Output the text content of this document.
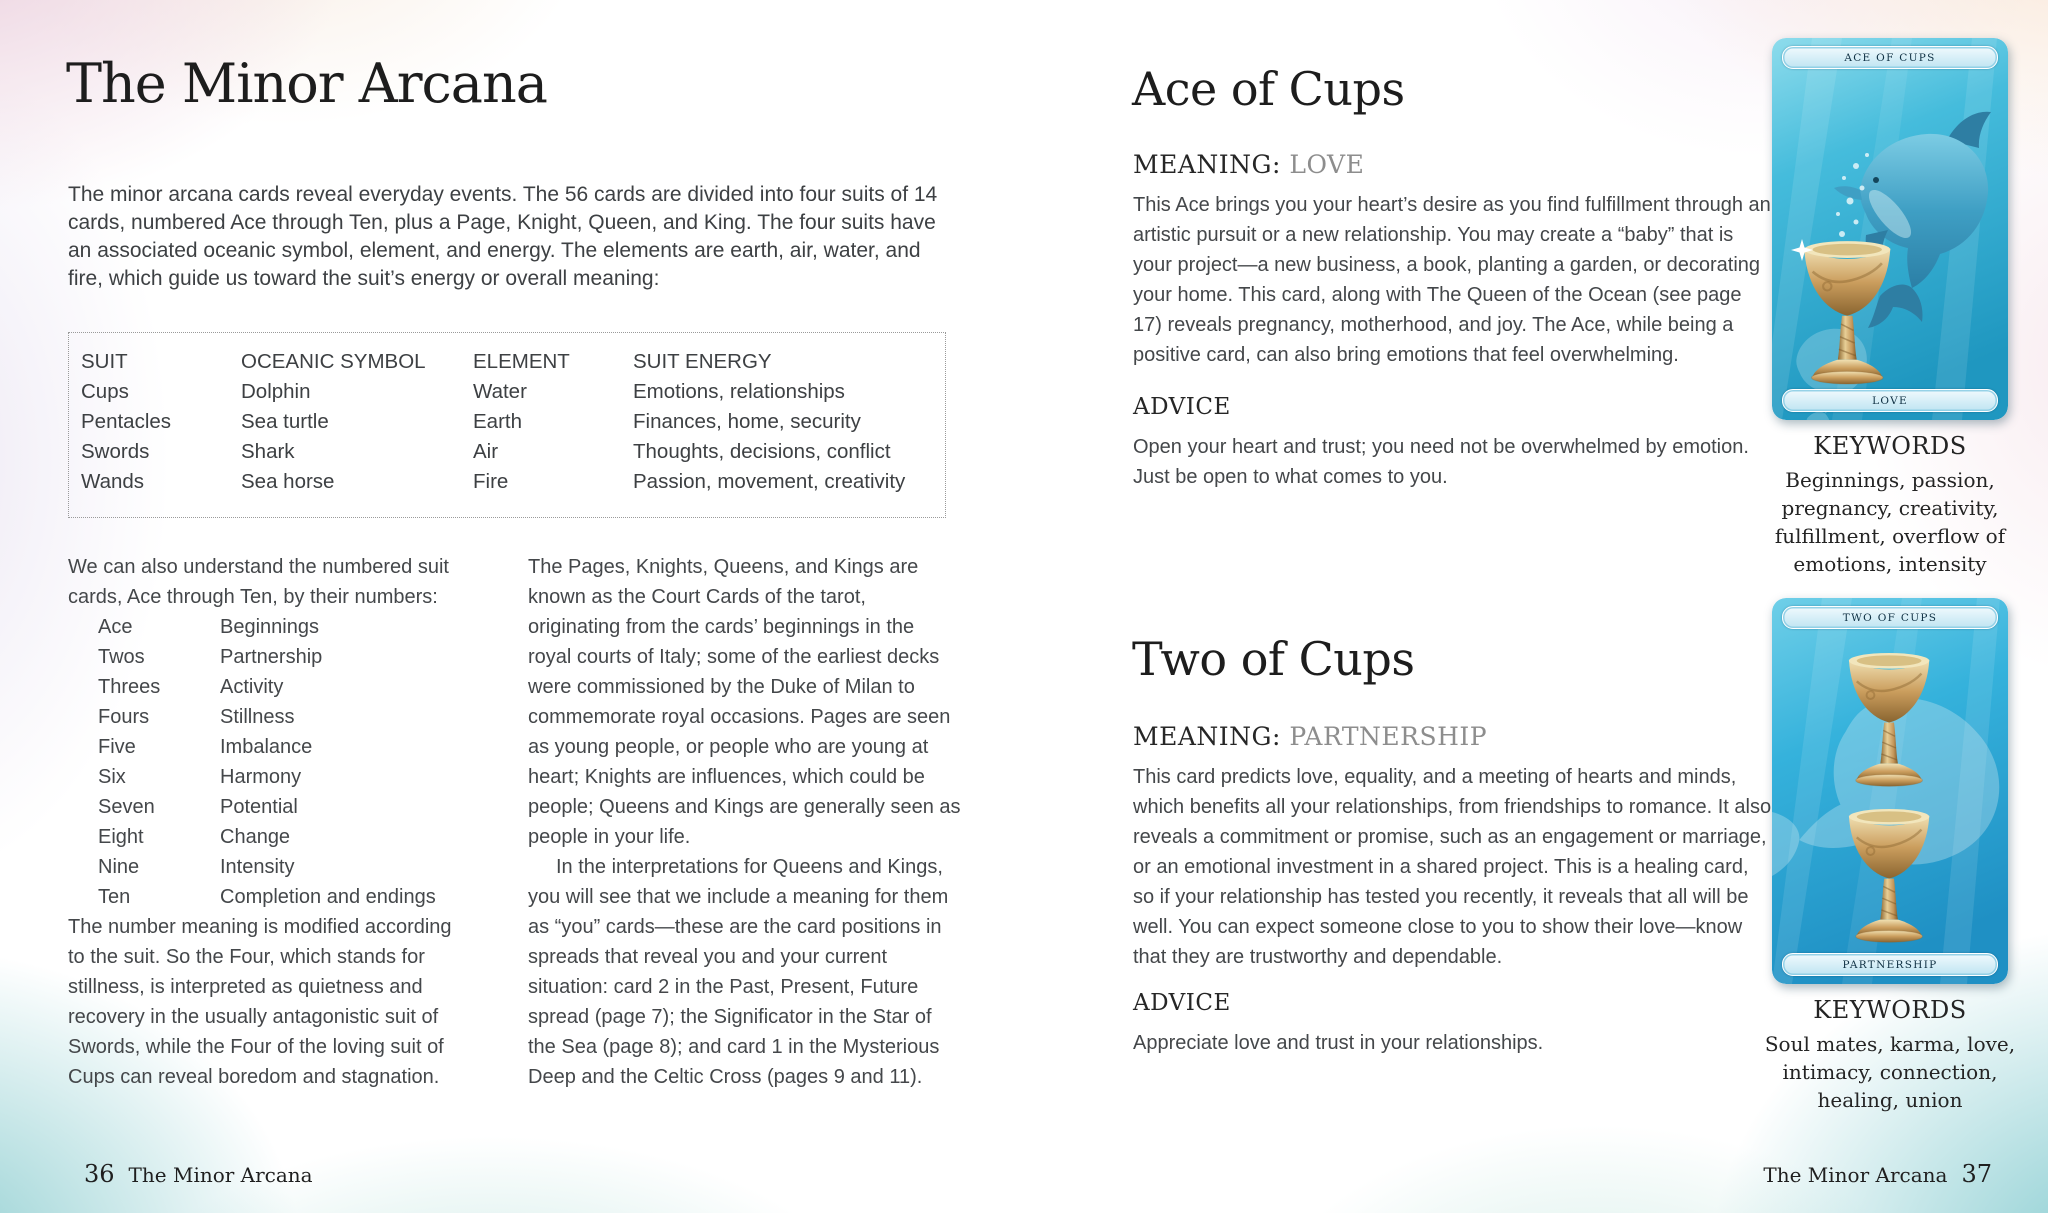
The Minor Arcana

The minor arcana cards reveal everyday events. The 56 cards are divided into four suits of 14 cards, numbered Ace through Ten, plus a Page, Knight, Queen, and King. The four suits have an associated oceanic symbol, element, and energy. The elements are earth, air, water, and fire, which guide us toward the suit’s energy or overall meaning:

SUIT	OCEANIC SYMBOL	ELEMENT	SUIT ENERGY
Cups	Dolphin	Water	Emotions, relationships
Pentacles	Sea turtle	Earth	Finances, home, security
Swords	Shark	Air	Thoughts, decisions, conflict
Wands	Sea horse	Fire	Passion, movement, creativity

We can also understand the numbered suit cards, Ace through Ten, by their numbers:

Ace	Beginnings
Twos	Partnership
Threes	Activity
Fours	Stillness
Five	Imbalance
Six	Harmony
Seven	Potential
Eight	Change
Nine	Intensity
Ten	Completion and endings

The number meaning is modified according to the suit. So the Four, which stands for stillness, is interpreted as quietness and recovery in the usually antagonistic suit of Swords, while the Four of the loving suit of Cups can reveal boredom and stagnation.

The Pages, Knights, Queens, and Kings are known as the Court Cards of the tarot, originating from the cards’ beginnings in the royal courts of Italy; some of the earliest decks were commissioned by the Duke of Milan to commemorate royal occasions. Pages are seen as young people, or people who are young at heart; Knights are influences, which could be people; Queens and Kings are generally seen as people in your life.

In the interpretations for Queens and Kings, you will see that we include a meaning for them as “you” cards—these are the card positions in spreads that reveal you and your current situation: card 2 in the Past, Present, Future spread (page 7); the Significator in the Star of the Sea (page 8); and card 1 in the Mysterious Deep and the Celtic Cross (pages 9 and 11).

36 The Minor Arcana
Ace of Cups
MEANING: LOVE

This Ace brings you your heart’s desire as you find fulfillment through an artistic pursuit or a new relationship. You may create a “baby” that is your project—a new business, a book, planting a garden, or decorating your home. This card, along with The Queen of the Ocean (see page 17) reveals pregnancy, motherhood, and joy. The Ace, while being a positive card, can also bring emotions that feel overwhelming.

ADVICE

Open your heart and trust; you need not be overwhelmed by emotion. Just be open to what comes to you.

ACE OF CUPS
LOVE
KEYWORDS
Beginnings, passion, pregnancy, creativity, fulfillment, overflow of emotions, intensity
Two of Cups
MEANING: PARTNERSHIP

This card predicts love, equality, and a meeting of hearts and minds, which benefits all your relationships, from friendships to romance. It also reveals a commitment or promise, such as an engagement or marriage, or an emotional investment in a shared project. This is a healing card, so if your relationship has tested you recently, it reveals that all will be well. You can expect someone close to you to show their love—know that they are trustworthy and dependable.

ADVICE

Appreciate love and trust in your relationships.

TWO OF CUPS
PARTNERSHIP
KEYWORDS
Soul mates, karma, love, intimacy, connection, healing, union
The Minor Arcana 37
